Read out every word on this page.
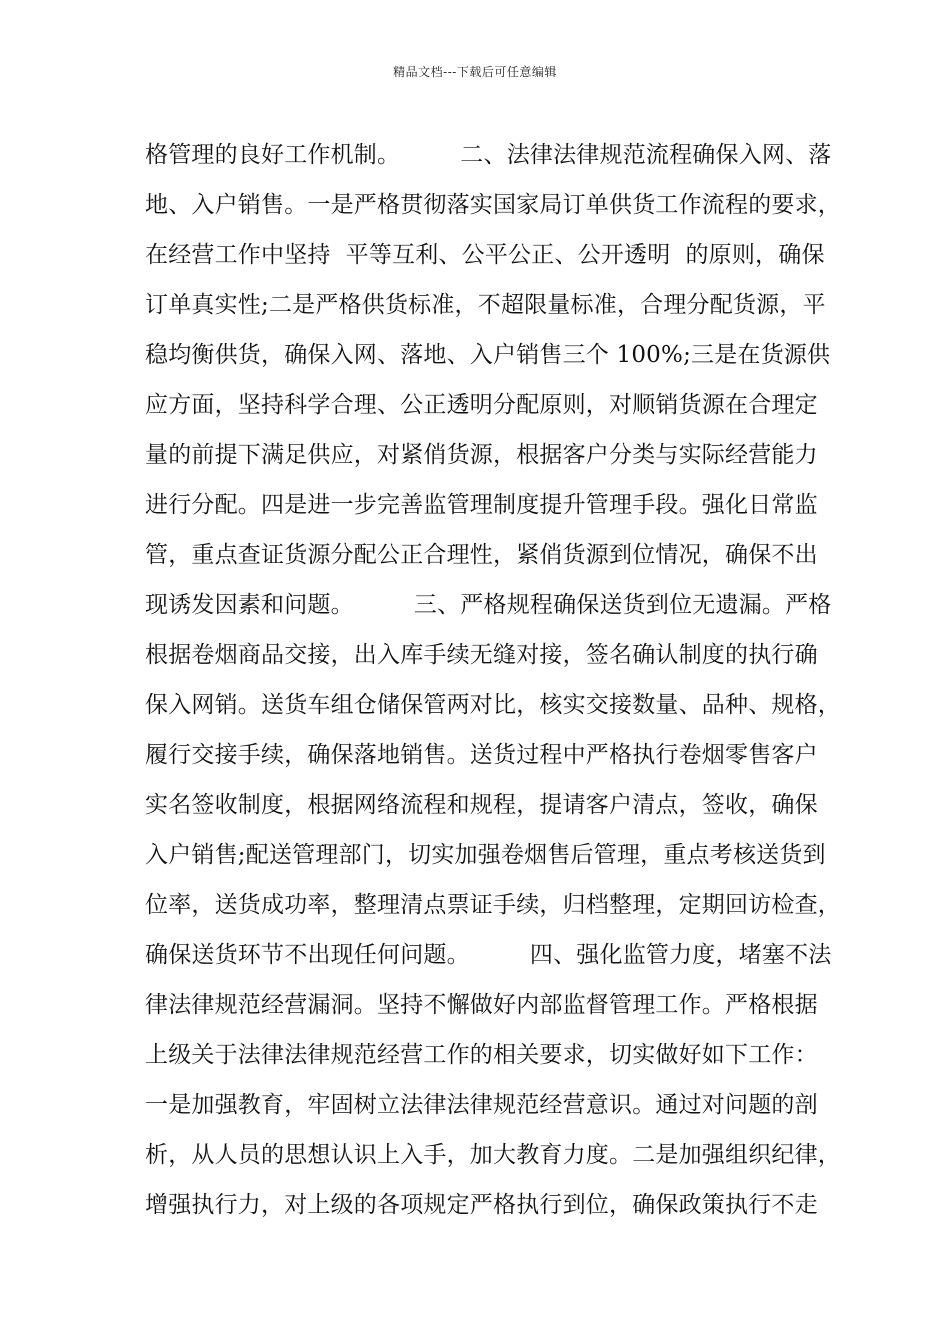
精品文档---下载后可任意编辑
格管理的良好工作机制。        二、法律法律规范流程确保入网、落
地、入户销售。一是严格贯彻落实国家局订单供货工作流程的要求，
在经营工作中坚持  平等互利、公平公正、公开透明  的原则，确保
订单真实性;二是严格供货标准，不超限量标准，合理分配货源，平
稳均衡供货，确保入网、落地、入户销售三个 100%;三是在货源供
应方面，坚持科学合理、公正透明分配原则，对顺销货源在合理定
量的前提下满足供应，对紧俏货源，根据客户分类与实际经营能力
进行分配。四是进一步完善监管理制度提升管理手段。强化日常监
管，重点查证货源分配公正合理性，紧俏货源到位情况，确保不出
现诱发因素和问题。        三、严格规程确保送货到位无遗漏。严格
根据卷烟商品交接，出入库手续无缝对接，签名确认制度的执行确
保入网销。送货车组仓储保管两对比，核实交接数量、品种、规格，
履行交接手续，确保落地销售。送货过程中严格执行卷烟零售客户
实名签收制度，根据网络流程和规程，提请客户清点，签收，确保
入户销售;配送管理部门，切实加强卷烟售后管理，重点考核送货到
位率，送货成功率，整理清点票证手续，归档整理，定期回访检查，
确保送货环节不出现任何问题。        四、强化监管力度，堵塞不法
律法律规范经营漏洞。坚持不懈做好内部监督管理工作。严格根据
上级关于法律法律规范经营工作的相关要求，切实做好如下工作：
一是加强教育，牢固树立法律法律规范经营意识。通过对问题的剖
析，从人员的思想认识上入手，加大教育力度。二是加强组织纪律，
增强执行力，对上级的各项规定严格执行到位，确保政策执行不走
